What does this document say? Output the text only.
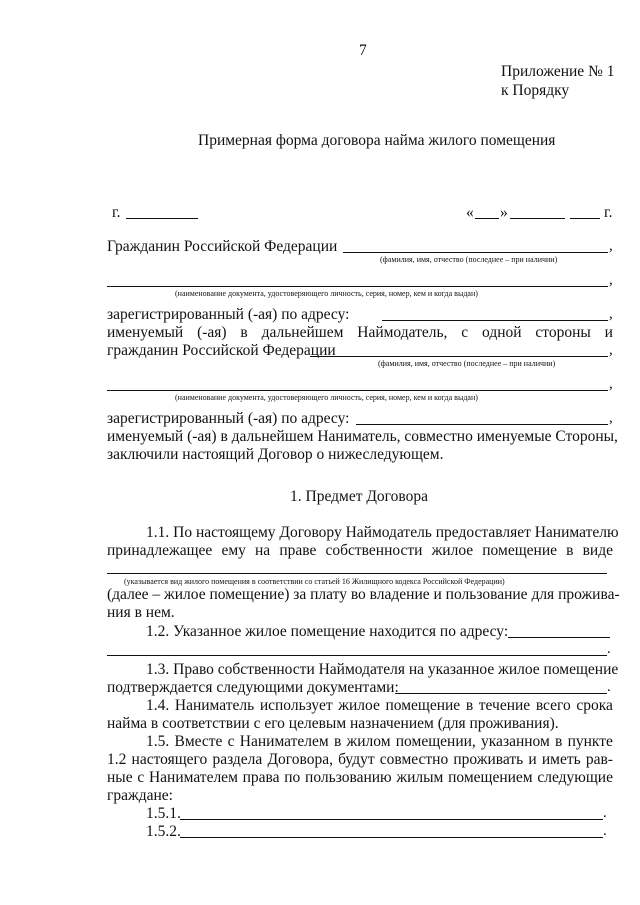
7
Приложение № 1
к Порядку
Примерная форма договора найма жилого помещения
г.	« »	г.
Гражданин Российской Федерации	,
(фамилия, имя, отчество (последнее – при наличии)
,
(наименование документа, удостоверяющего личность, серия, номер, кем и когда выдан)
зарегистрированный (-ая) по адресу:	,
именуемый (-ая) в дальнейшем Наймодатель, с одной стороны и
гражданин Российской Федерации	,
(фамилия, имя, отчество (последнее – при наличии)
,
(наименование документа, удостоверяющего личность, серия, номер, кем и когда выдан)
зарегистрированный (-ая) по адресу:	,
именуемый (-ая) в дальнейшем Наниматель, совместно именуемые Стороны,
заключили настоящий Договор о нижеследующем.
1. Предмет Договора
1.1. По настоящему Договору Наймодатель предоставляет Нанимателю
принадлежащее ему на праве собственности жилое помещение в виде
(указывается вид жилого помещения в соответствии со статьей 16 Жилищного кодекса Российской Федерации)
(далее – жилое помещение) за плату во владение и пользование для прожива-
ния в нем.
1.2. Указанное жилое помещение находится по адресу:
.
1.3. Право собственности Наймодателя на указанное жилое помещение
подтверждается следующими документами:	.
1.4. Наниматель использует жилое помещение в течение всего срока
найма в соответствии с его целевым назначением (для проживания).
1.5. Вместе с Нанимателем в жилом помещении, указанном в пункте
1.2 настоящего раздела Договора, будут совместно проживать и иметь рав-
ные с Нанимателем права по пользованию жилым помещением следующие
граждане:
1.5.1.	.
1.5.2.	.
